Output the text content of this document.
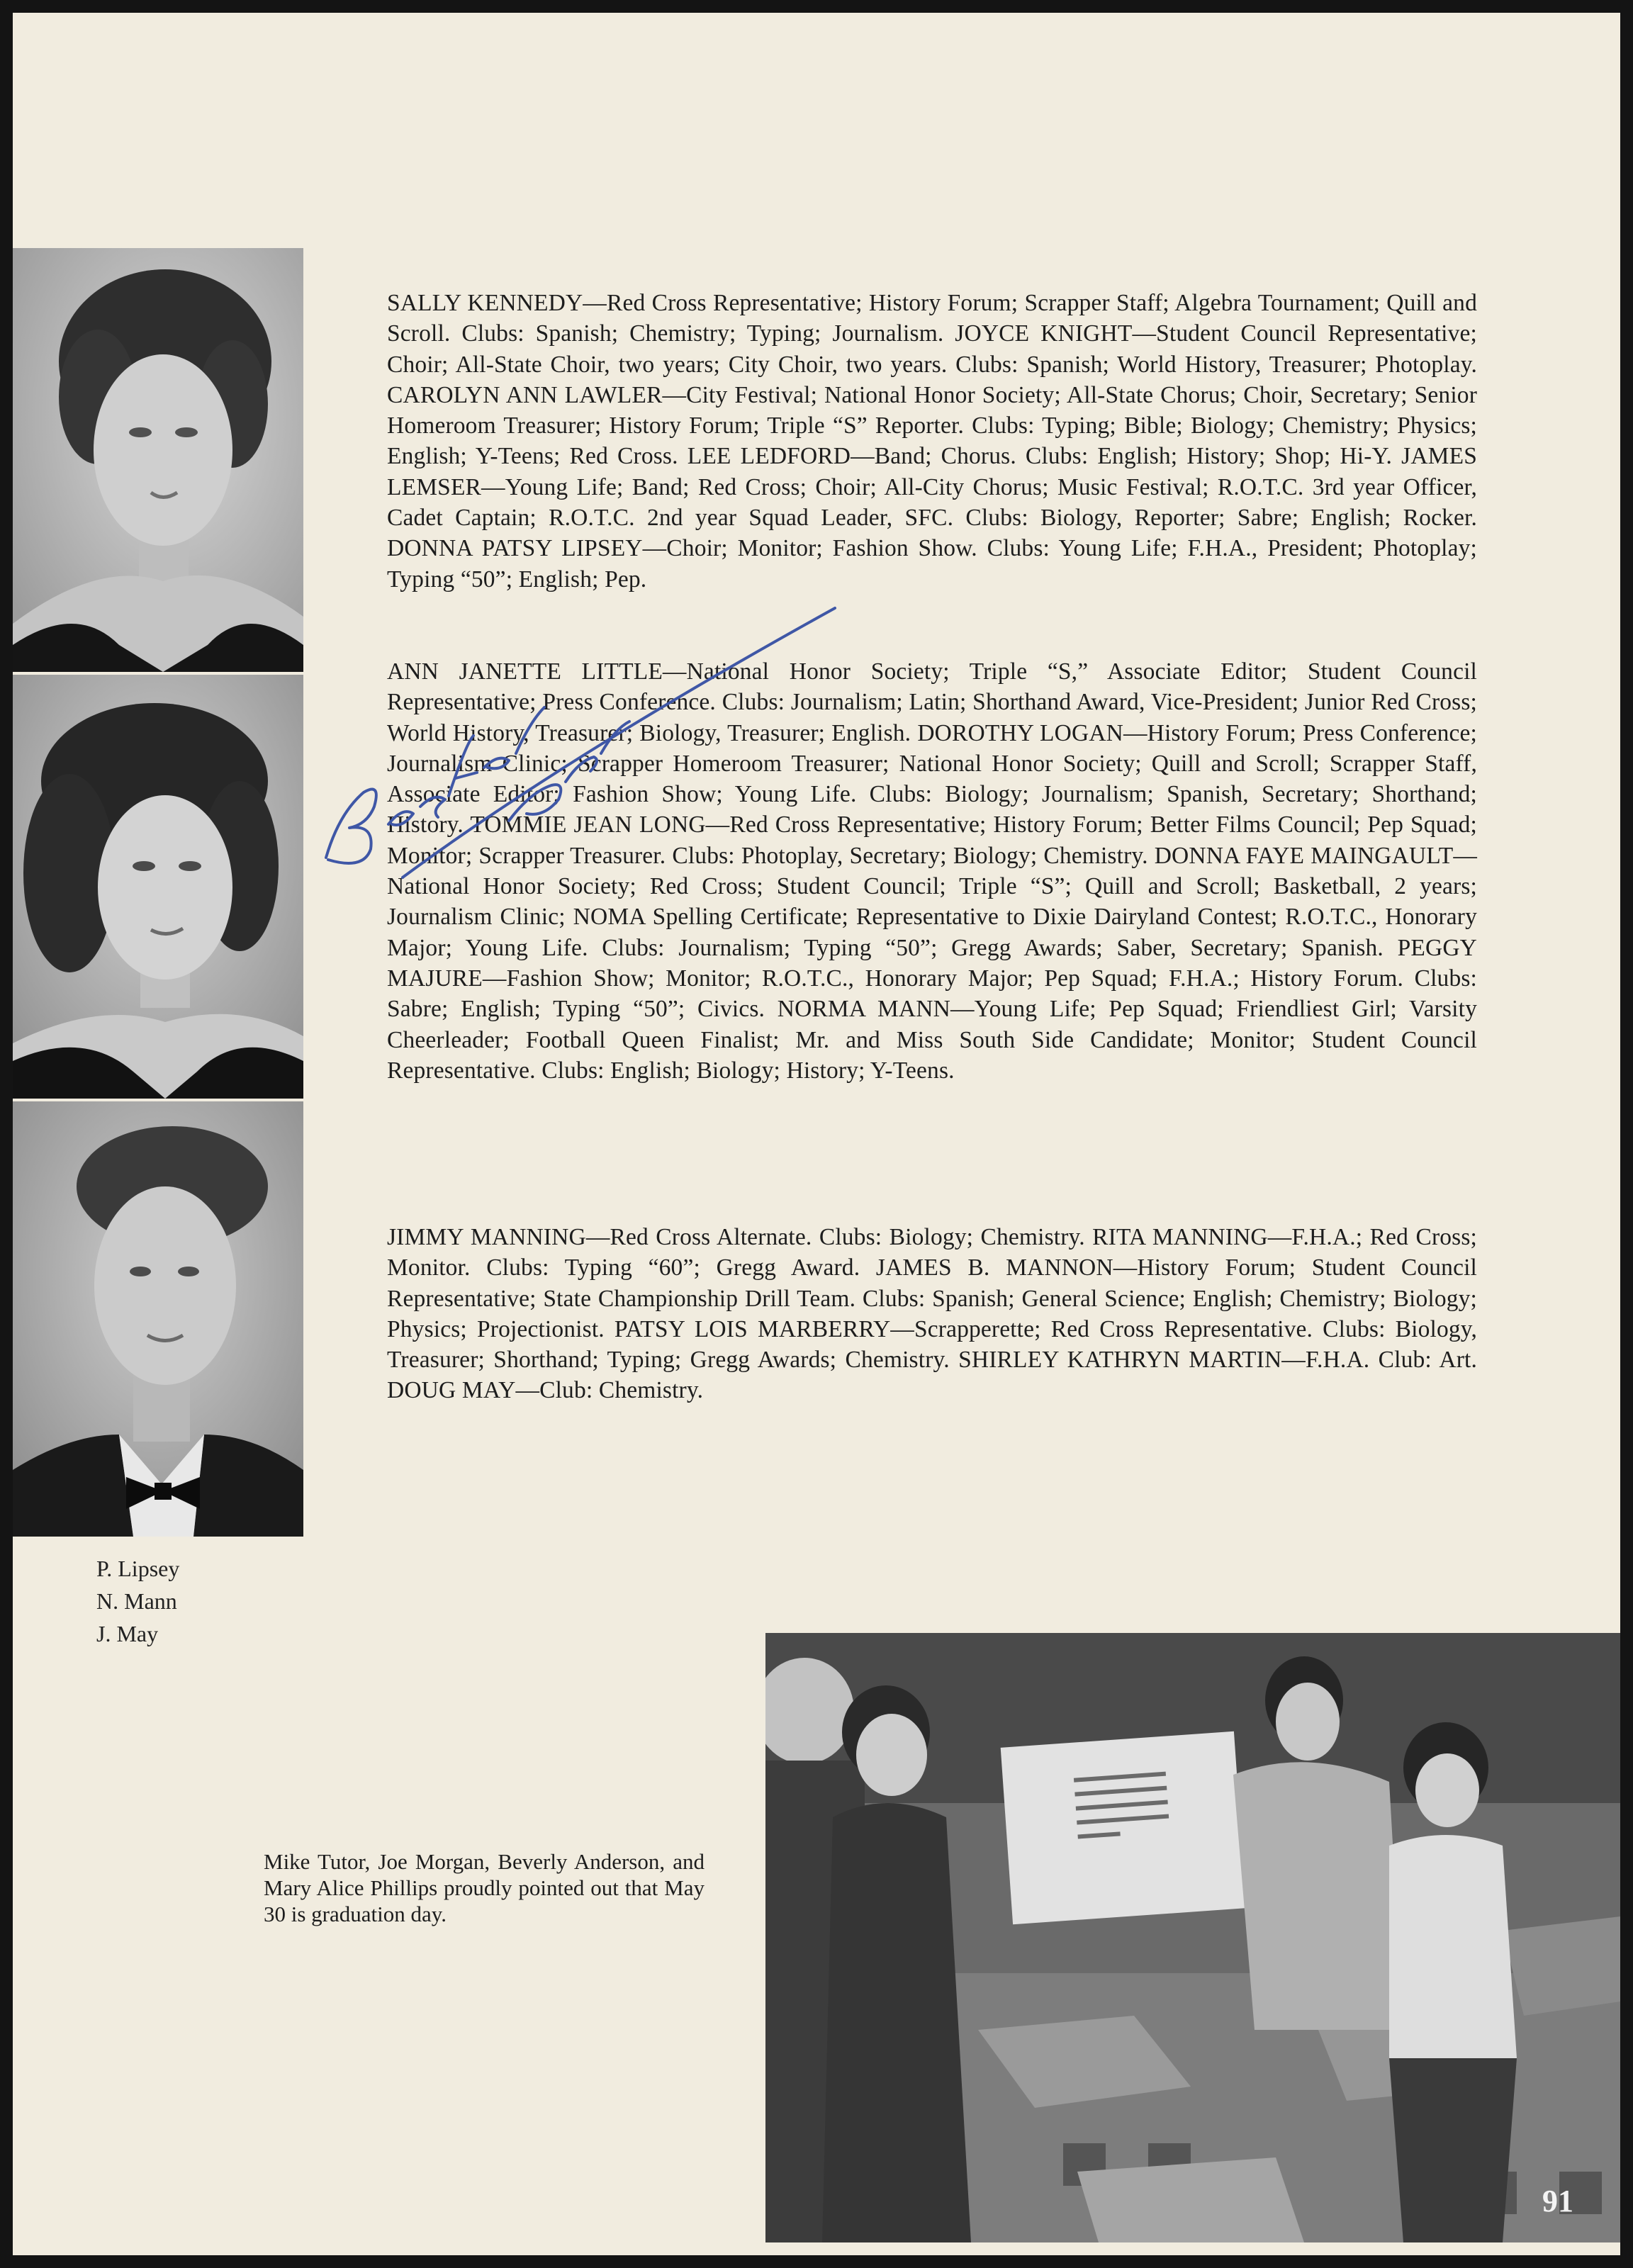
SALLY KENNEDY—Red Cross Representative; History Forum; Scrapper Staff; Algebra Tournament; Quill and Scroll. Clubs: Spanish; Chemistry; Typing; Journalism. JOYCE KNIGHT—Student Council Representative; Choir; All-State Choir, two years; City Choir, two years. Clubs: Spanish; World History, Treasurer; Photoplay. CAROLYN ANN LAWLER—City Festival; National Honor Society; All-State Chorus; Choir, Secretary; Senior Homeroom Treasurer; History Forum; Triple “S” Reporter. Clubs: Typing; Bible; Biology; Chemistry; Physics; English; Y-Teens; Red Cross. LEE LEDFORD—Band; Chorus. Clubs: English; History; Shop; Hi-Y. JAMES LEMSER—Young Life; Band; Red Cross; Choir; All-City Chorus; Music Festival; R.O.T.C. 3rd year Officer, Cadet Captain; R.O.T.C. 2nd year Squad Leader, SFC. Clubs: Biology, Reporter; Sabre; English; Rocker. DONNA PATSY LIPSEY—Choir; Monitor; Fashion Show. Clubs: Young Life; F.H.A., President; Photoplay; Typing “50”; English; Pep.
ANN JANETTE LITTLE—National Honor Society; Triple “S,” Associate Editor; Student Council Representative; Press Conference. Clubs: Journalism; Latin; Shorthand Award, Vice-President; Junior Red Cross; World History, Treasurer; Biology, Treasurer; English. DOROTHY LOGAN—History Forum; Press Conference; Journalism Clinic; Scrapper Homeroom Treasurer; National Honor Society; Quill and Scroll; Scrapper Staff, Associate Editor; Fashion Show; Young Life. Clubs: Biology; Journalism; Spanish, Secretary; Shorthand; History. TOMMIE JEAN LONG—Red Cross Representative; History Forum; Better Films Council; Pep Squad; Monitor; Scrapper Treasurer. Clubs: Photoplay, Secretary; Biology; Chemistry. DONNA FAYE MAINGAULT—National Honor Society; Red Cross; Student Council; Triple “S”; Quill and Scroll; Basketball, 2 years; Journalism Clinic; NOMA Spelling Certificate; Representative to Dixie Dairyland Contest; R.O.T.C., Honorary Major; Young Life. Clubs: Journalism; Typing “50”; Gregg Awards; Saber, Secretary; Spanish. PEGGY MAJURE—Fashion Show; Monitor; R.O.T.C., Honorary Major; Pep Squad; F.H.A.; History Forum. Clubs: Sabre; English; Typing “50”; Civics. NORMA MANN—Young Life; Pep Squad; Friendliest Girl; Varsity Cheerleader; Football Queen Finalist; Mr. and Miss South Side Candidate; Monitor; Student Council Representative. Clubs: English; Biology; History; Y-Teens.
JIMMY MANNING—Red Cross Alternate. Clubs: Biology; Chemistry. RITA MANNING—F.H.A.; Red Cross; Monitor. Clubs: Typing “60”; Gregg Award. JAMES B. MANNON—History Forum; Student Council Representative; State Championship Drill Team. Clubs: Spanish; General Science; English; Chemistry; Biology; Physics; Projectionist. PATSY LOIS MARBERRY—Scrapperette; Red Cross Representative. Clubs: Biology, Treasurer; Shorthand; Typing; Gregg Awards; Chemistry. SHIRLEY KATHRYN MARTIN—F.H.A. Club: Art. DOUG MAY—Club: Chemistry.
P. Lipsey
N. Mann
J. May
Mike Tutor, Joe Morgan, Beverly Anderson, and Mary Alice Phillips proudly pointed out that May 30 is graduation day.
91
